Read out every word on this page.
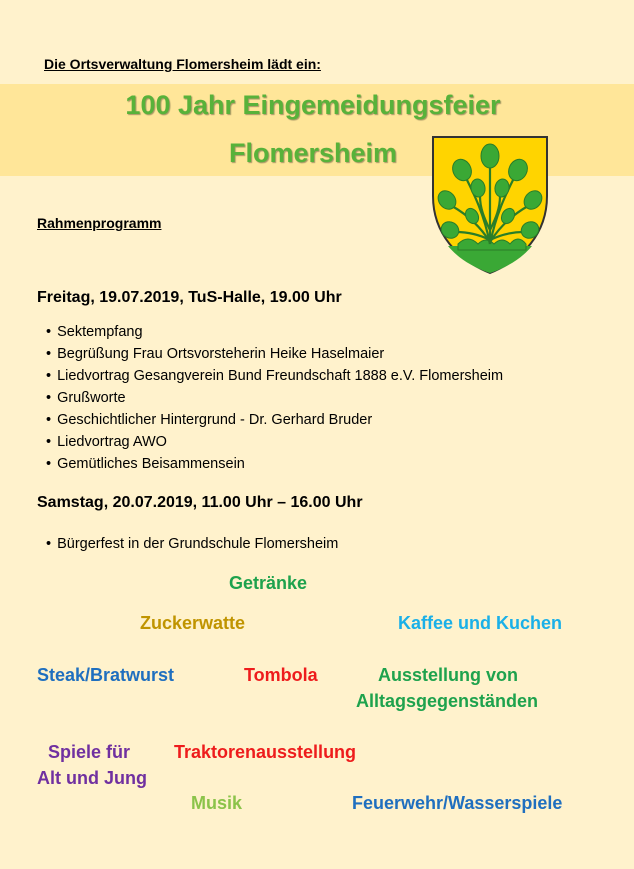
Die Ortsverwaltung Flomersheim lädt ein:
100 Jahr Eingemeidungsfeier
Flomersheim
Rahmenprogramm
Freitag, 19.07.2019, TuS-Halle, 19.00 Uhr
• Sektempfang
• Begrüßung Frau Ortsvorsteherin Heike Haselmaier
• Liedvortrag Gesangverein Bund Freundschaft 1888 e.V. Flomersheim
• Grußworte
• Geschichtlicher Hintergrund - Dr. Gerhard Bruder
• Liedvortrag AWO
• Gemütliches Beisammensein
Samstag, 20.07.2019, 11.00 Uhr – 16.00 Uhr
• Bürgerfest in der Grundschule Flomersheim
Getränke
Zuckerwatte	Kaffee und Kuchen
Steak/Bratwurst	Tombola	Ausstellung von
Alltagsgegenständen
Spiele für
Alt und Jung
Traktorenausstellung
Musik	Feuerwehr/Wasserspiele
